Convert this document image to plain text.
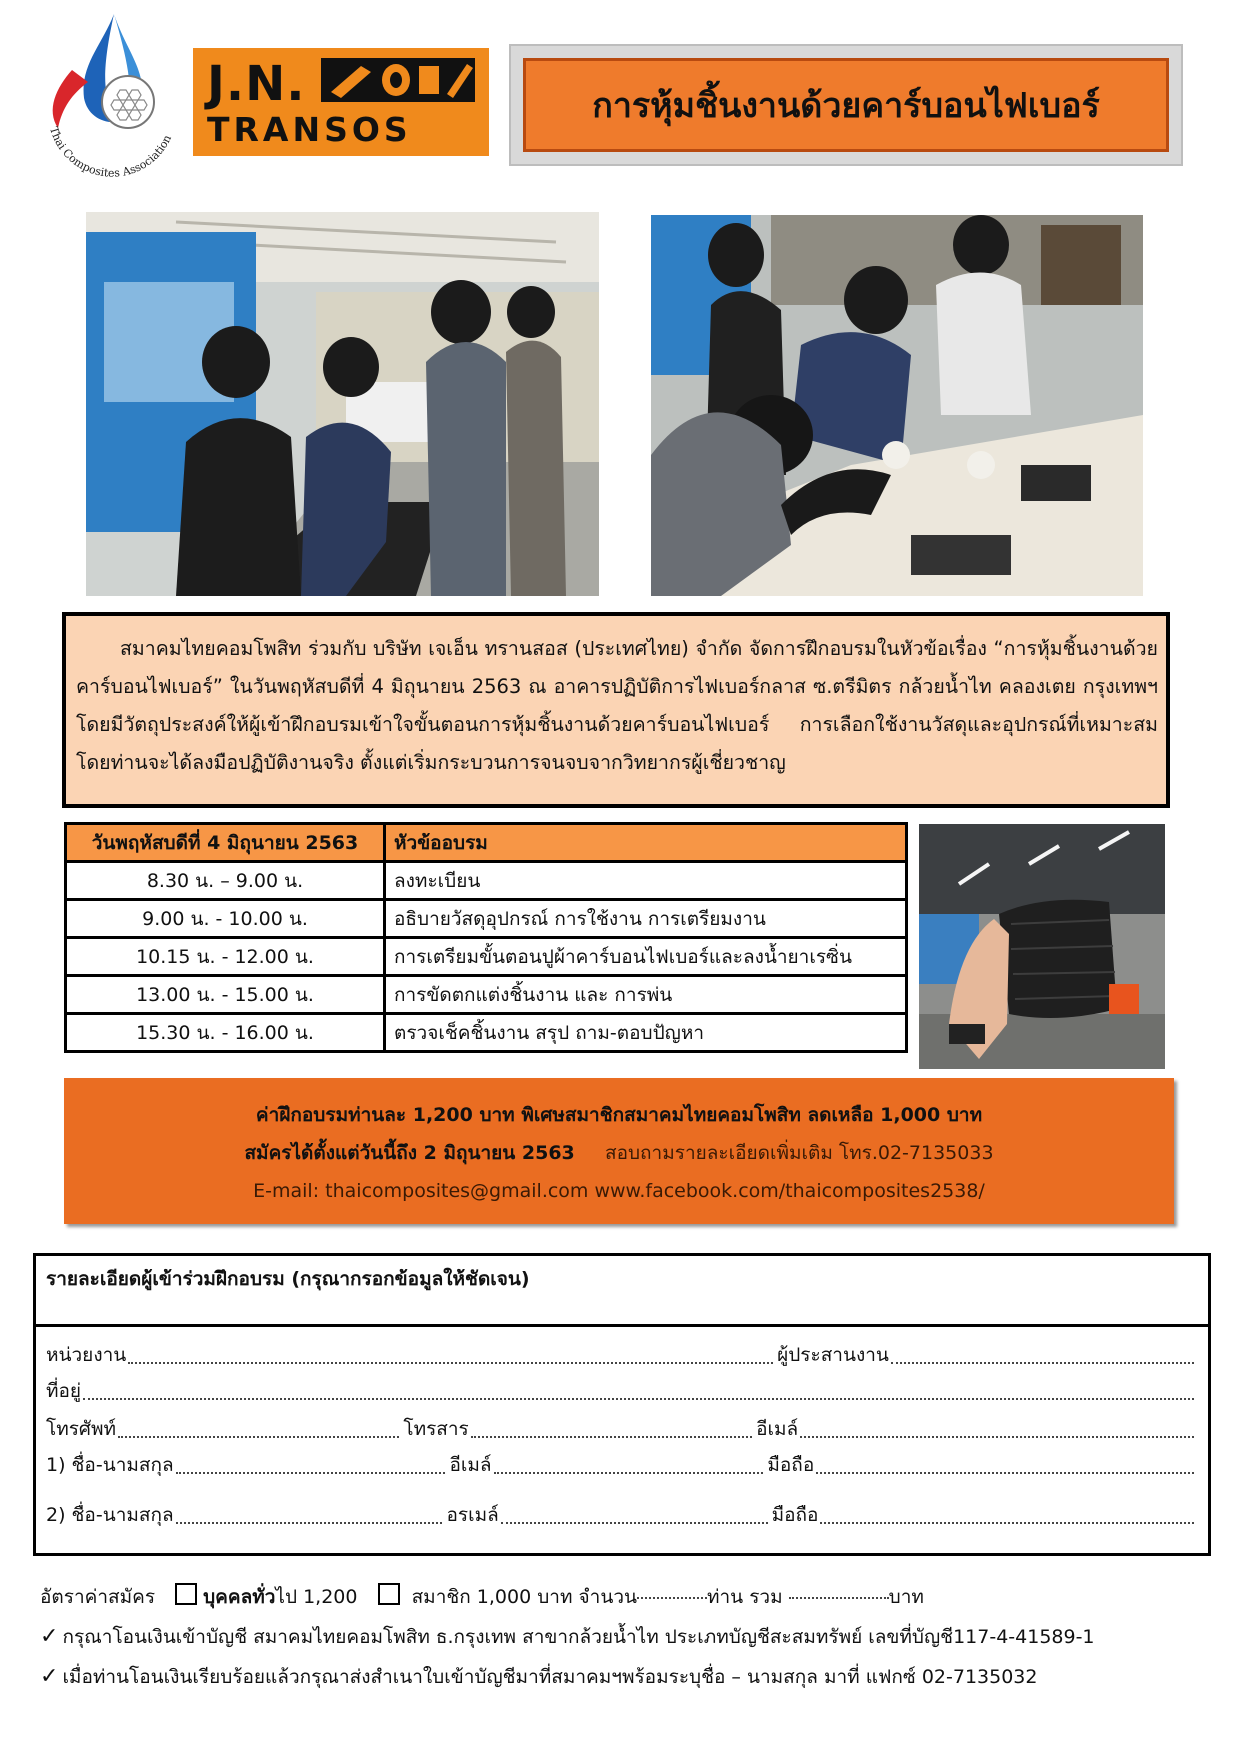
Thai Composites Association
J.N.
TRANSOS
การหุ้มชิ้นงานด้วยคาร์บอนไฟเบอร์

สมาคมไทยคอมโพสิท ร่วมกับ บริษัท เจเอ็น ทรานสอส (ประเทศไทย) จำกัด จัดการฝึกอบรมในหัวข้อเรื่อง “การหุ้มชิ้นงานด้วยคาร์บอนไฟเบอร์” ในวันพฤหัสบดีที่ 4 มิถุนายน 2563 ณ อาคารปฏิบัติการไฟเบอร์กลาส ซ.ตรีมิตร กล้วยน้ำไท คลองเตย กรุงเทพฯ โดยมีวัตถุประสงค์ให้ผู้เข้าฝึกอบรมเข้าใจขั้นตอนการหุ้มชิ้นงานด้วยคาร์บอนไฟเบอร์ การเลือกใช้งานวัสดุและอุปกรณ์ที่เหมาะสม โดยท่านจะได้ลงมือปฏิบัติงานจริง ตั้งแต่เริ่มกระบวนการจนจบจากวิทยากรผู้เชี่ยวชาญ

วันพฤหัสบดีที่ 4 มิถุนายน 2563	หัวข้ออบรม
8.30 น. – 9.00 น.	ลงทะเบียน
9.00 น. - 10.00 น.	อธิบายวัสดุอุปกรณ์ การใช้งาน การเตรียมงาน
10.15 น. - 12.00 น.	การเตรียมขั้นตอนปูผ้าคาร์บอนไฟเบอร์และลงน้ำยาเรซิ่น
13.00 น. - 15.00 น.	การขัดตกแต่งชิ้นงาน และ การพ่น
15.30 น. - 16.00 น.	ตรวจเช็คชิ้นงาน สรุป ถาม-ตอบปัญหา
ค่าฝึกอบรมท่านละ 1,200 บาท พิเศษสมาชิกสมาคมไทยคอมโพสิท ลดเหลือ 1,000 บาท
สมัครได้ตั้งแต่วันนี้ถึง 2 มิถุนายน 2563 สอบถามรายละเอียดเพิ่มเติม โทร.02-7135033
E-mail: thaicomposites@gmail.com www.facebook.com/thaicomposites2538/
รายละเอียดผู้เข้าร่วมฝึกอบรม (กรุณากรอกข้อมูลให้ชัดเจน)
หน่วยงาน	ผู้ประสานงาน
ที่อยู่
โทรศัพท์	โทรสาร	อีเมล์
1) ชื่อ-นามสกุล	อีเมล์	มือถือ
2) ชื่อ-นามสกุล	อรเมล์	มือถือ
อัตราค่าสมัคร	บุคคลทั่วไป 1,200	สมาชิก 1,000 บาท จำนวน	ท่าน รวม	บาท
✓ กรุณาโอนเงินเข้าบัญชี สมาคมไทยคอมโพสิท ธ.กรุงเทพ สาขากล้วยน้ำไท ประเภทบัญชีสะสมทรัพย์ เลขที่บัญชี117-4-41589-1
✓ เมื่อท่านโอนเงินเรียบร้อยแล้วกรุณาส่งสำเนาใบเข้าบัญชีมาที่สมาคมฯพร้อมระบุชื่อ – นามสกุล มาที่ แฟกซ์ 02-7135032
